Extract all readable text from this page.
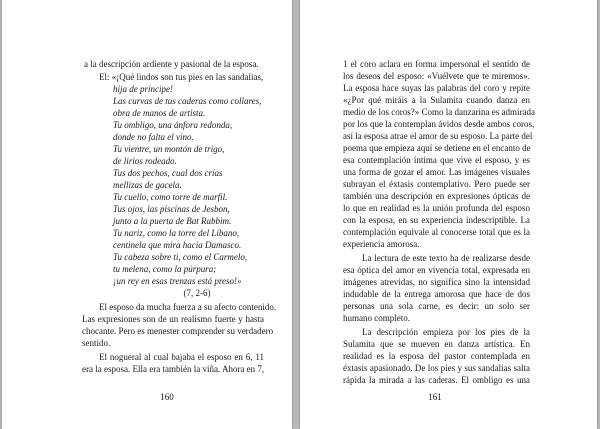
a la descripción ardiente y pasional de la esposa.

El: «¡Qué lindos son tus pies en las sandalias,

hija de príncipe!

Las curvas de tus caderas como collares,

obra de manos de artista.

Tu ombligo, una ánfora redonda,

donde no falta el vino.

Tu vientre, un montón de trigo,

de lirios rodeado.

Tus dos pechos, cual dos crías

mellizas de gacela.

Tu cuello, como torre de marfil.

Tus ojos, las piscinas de Jesbon,

junto a la puerta de Bat Rabbim.

Tu nariz, como la torre del Líbano,

centinela que mira hacia Damasco.

Tu cabeza sobre ti, como el Carmelo,

tu melena, como la púrpura;

¡un rey en esas trenzas está preso!»

(7, 2-6)

El esposo da mucha fuerza a su afecto contenido.

Las expresiones son de un realismo fuerte y hasta

chocante. Pero es menester comprender su verdadero

sentido.

El nogueral al cual bajaba el esposo en 6, 11

era la esposa. Ella era también la viña. Ahora en 7,

160

1 el coro aclara en forma impersonal el sentido de

los deseos del esposo: «Vuélvete que te miremos».

La esposa hace suyas las palabras del coro y repite

«¿Por qué miráis a la Sulamita cuando danza en

medio de los coros?» Como la danzarina es admirada

por los que la contemplan ávidos desde ambos coros,

así la esposa atrae el amor de su esposo. La parte del

poema que empieza aquí se detiene en el encanto de

esa contemplación íntima que vive el esposo, y es

una forma de gozar el amor. Las imágenes visuales

subrayan el éxtasis contemplativo. Pero puede ser

también una descripción en expresiones ópticas de

lo que en realidad es la unión profunda del esposo

con la esposa, en su experiencia indescriptible. La

contemplación equivale al conocerse total que es la

experiencia amorosa.

La lectura de este texto ha de realizarse desde

esa óptica del amor en vivencia total, expresada en

imágenes atrevidas, no significa sino la intensidad

indudable de la entrega amorosa que hace de dos

personas una sola carne, es decir: un solo ser

humano completo.

La descripción empieza por los pies de la

Sulamita que se mueven en danza artística. En

realidad es la esposa del pastor contemplada en

éxtasis apasionado. De los pies y sus sandalias salta

rápida la mirada a las caderas. El ombligo es una

161
